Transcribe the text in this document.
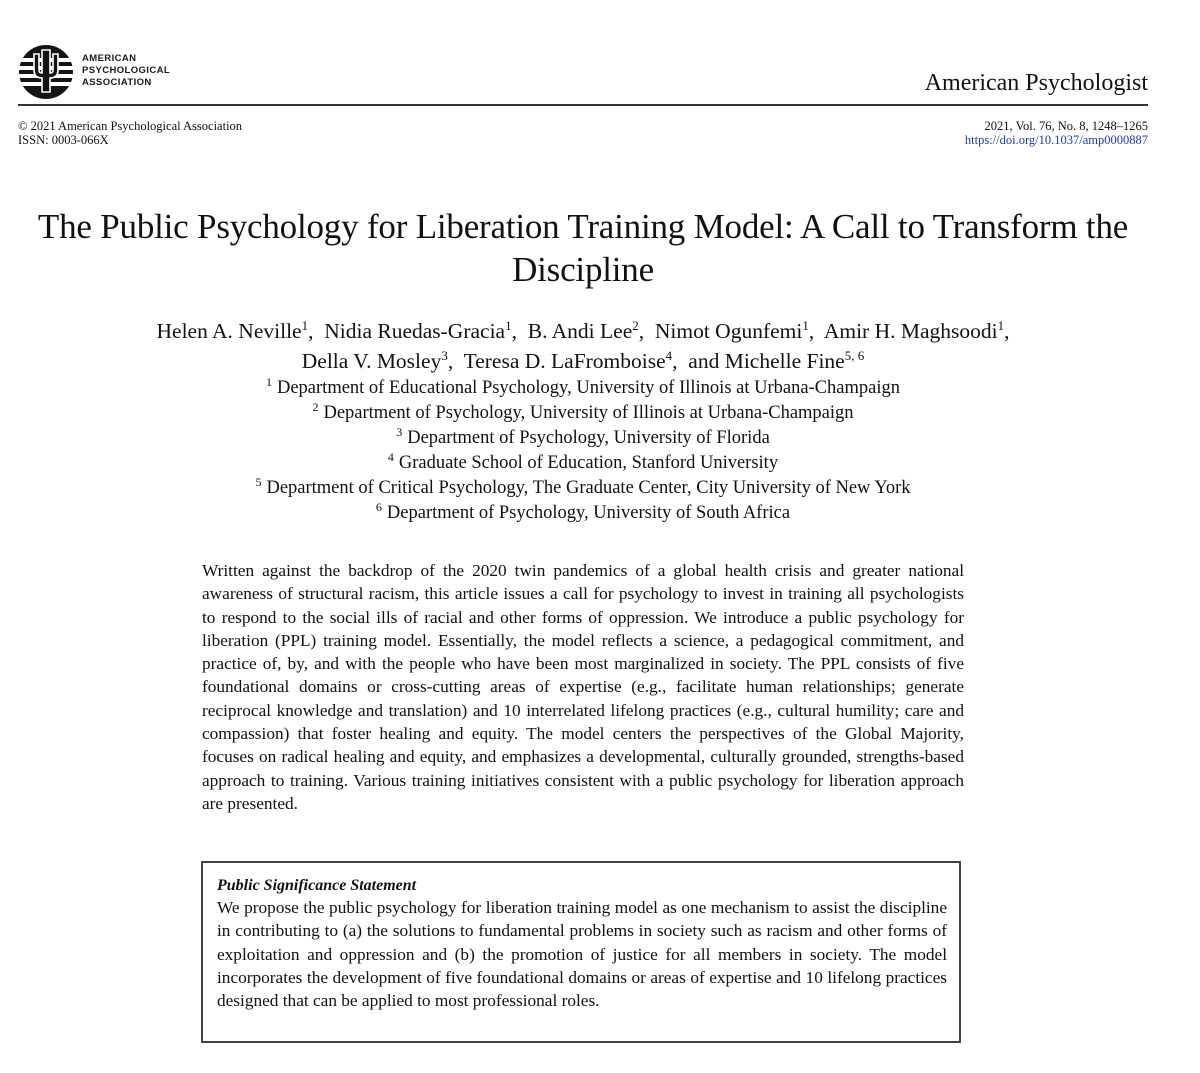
AMERICAN
PSYCHOLOGICAL
ASSOCIATION	American Psychologist
© 2021 American Psychological Association
ISSN: 0003-066X
2021, Vol. 76, No. 8, 1248–1265
https://doi.org/10.1037/amp0000887
The Public Psychology for Liberation Training Model: A Call to Transform the Discipline
Helen A. Neville$^1$, Nidia Ruedas-Gracia$^1$, B. Andi Lee$^2$, Nimot Ogunfemi$^1$, Amir H. Maghsoodi$^1$,
Della V. Mosley$^3$, Teresa D. LaFromboise$^4$, and Michelle Fine$^{5, 6}$
$^1$ Department of Educational Psychology, University of Illinois at Urbana-Champaign
$^2$ Department of Psychology, University of Illinois at Urbana-Champaign
$^3$ Department of Psychology, University of Florida
$^4$ Graduate School of Education, Stanford University
$^5$ Department of Critical Psychology, The Graduate Center, City University of New York
$^6$ Department of Psychology, University of South Africa

Written against the backdrop of the 2020 twin pandemics of a global health crisis and greater national awareness of structural racism, this article issues a call for psychology to invest in training all psychologists to respond to the social ills of racial and other forms of oppression. We introduce a public psychology for liberation (PPL) training model. Essentially, the model reflects a science, a pedagogical commitment, and practice of, by, and with the people who have been most marginalized in society. The PPL consists of five foundational domains or cross-cutting areas of expertise (e.g., facilitate human relationships; generate reciprocal knowledge and translation) and 10 interrelated lifelong practices (e.g., cultural humility; care and compassion) that foster healing and equity. The model centers the perspectives of the Global Majority, focuses on radical healing and equity, and emphasizes a developmental, culturally grounded, strengths-based approach to training. Various training initiatives consistent with a public psychology for liberation approach are presented.

Public Significance Statement

We propose the public psychology for liberation training model as one mechanism to assist the discipline in contributing to (a) the solutions to fundamental problems in society such as racism and other forms of exploitation and oppression and (b) the promotion of justice for all members in society. The model incorporates the development of five foundational domains or areas of expertise and 10 lifelong practices designed that can be applied to most professional roles.
